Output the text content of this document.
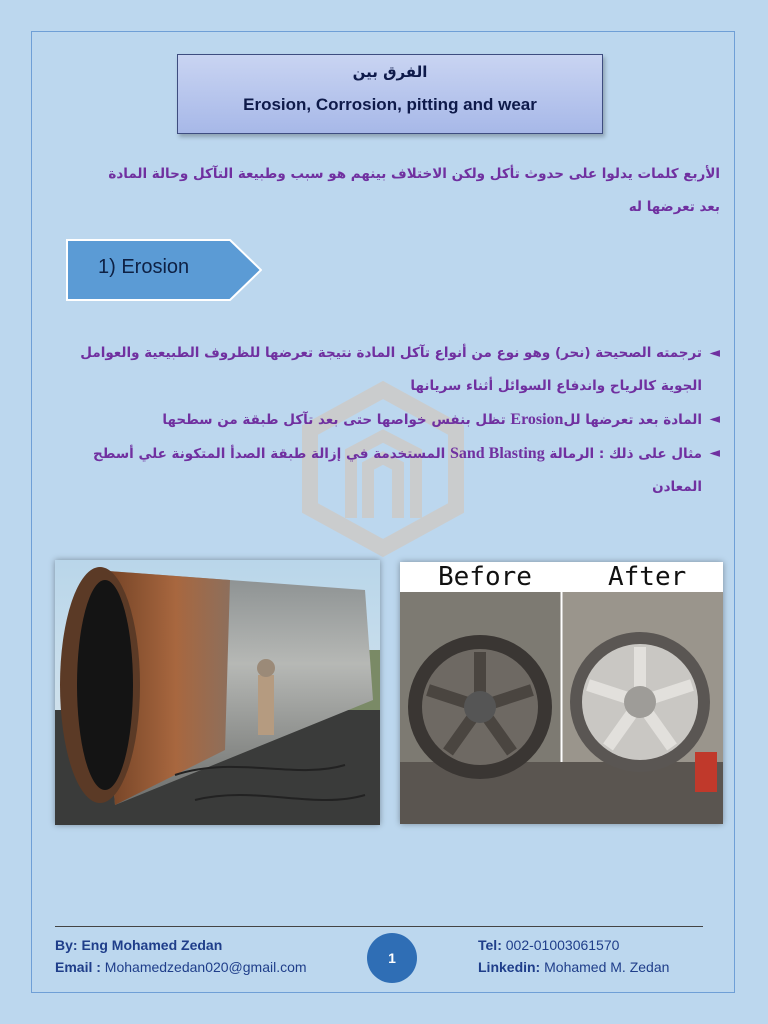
الفرق بين
Erosion, Corrosion, pitting and wear
الأربع كلمات يدلوا على حدوث تأكل ولكن الاختلاف بينهم هو سبب وطبيعة التآكل وحالة المادة بعد تعرضها له
1) Erosion
◄
ترجمته الصحيحة (نحر) وهو نوع من أنواع تآكل المادة نتيجة تعرضها للظروف الطبيعية والعوامل الجوية كالرياح واندفاع السوائل أثناء سريانها
◄
المادة بعد تعرضها للErosion تظل بنفس خواصها حتى بعد تآكل طبقة من سطحها
◄
مثال على ذلك : الرمالة Sand Blasting المستخدمة في إزالة طبقة الصدأ المتكونة علي أسطح المعادن
Before	After
By: Eng Mohamed Zedan
Email : Mohamedzedan020@gmail.com
1
Tel: 002-01003061570
Linkedin: Mohamed M. Zedan
